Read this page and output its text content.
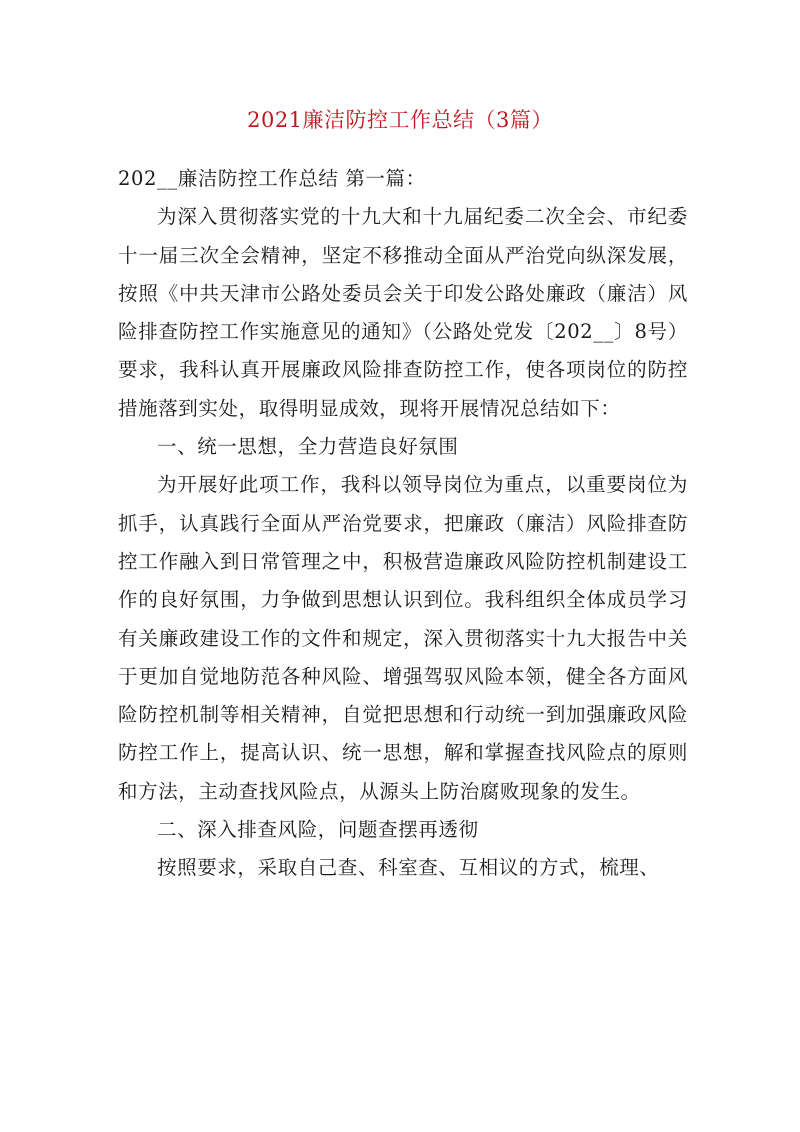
2021廉洁防控工作总结（3篇）

202__廉洁防控工作总结 第一篇：

为深入贯彻落实党的十九大和十九届纪委二次全会、市纪委十一届三次全会精神，坚定不移推动全面从严治党向纵深发展，按照《中共天津市公路处委员会关于印发公路处廉政（廉洁）风险排查防控工作实施意见的通知》（公路处党发〔202__〕8号）要求，我科认真开展廉政风险排查防控工作，使各项岗位的防控措施落到实处，取得明显成效，现将开展情况总结如下：

一、统一思想，全力营造良好氛围

为开展好此项工作，我科以领导岗位为重点，以重要岗位为抓手，认真践行全面从严治党要求，把廉政（廉洁）风险排查防控工作融入到日常管理之中，积极营造廉政风险防控机制建设工作的良好氛围，力争做到思想认识到位。我科组织全体成员学习有关廉政建设工作的文件和规定，深入贯彻落实十九大报告中关于更加自觉地防范各种风险、增强驾驭风险本领，健全各方面风险防控机制等相关精神，自觉把思想和行动统一到加强廉政风险防控工作上，提高认识、统一思想，解和掌握查找风险点的原则和方法，主动查找风险点，从源头上防治腐败现象的发生。

二、深入排查风险，问题查摆再透彻

按照要求，采取自己查、科室查、互相议的方式，梳理、
